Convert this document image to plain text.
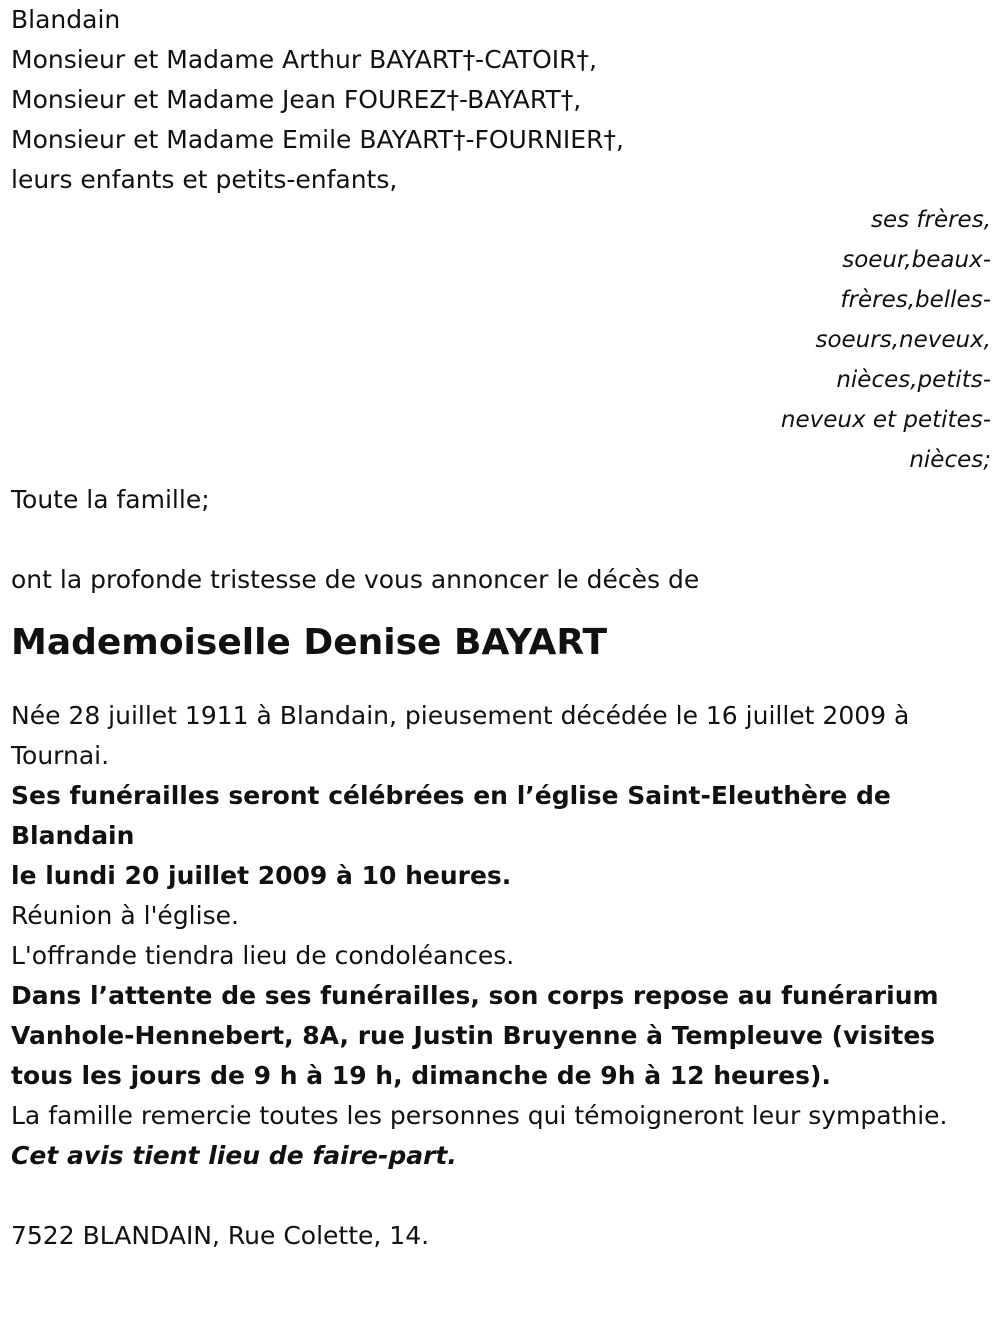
Blandain

Monsieur et Madame Arthur BAYART†-CATOIR†,

Monsieur et Madame Jean FOUREZ†-BAYART†,

Monsieur et Madame Emile BAYART†-FOURNIER†,

leurs enfants et petits-enfants,

ses frères,
soeur,beaux-
frères,belles-
soeurs,neveux,
nièces,petits-
neveux et petites-
nièces;

Toute la famille;

ont la profonde tristesse de vous annoncer le décès de

Mademoiselle Denise BAYART

Née 28 juillet 1911 à Blandain, pieusement décédée le 16 juillet 2009 à Tournai.

Ses funérailles seront célébrées en l’église Saint-Eleuthère de Blandain

le lundi 20 juillet 2009 à 10 heures.

Réunion à l'église.

L'offrande tiendra lieu de condoléances.

Dans l’attente de ses funérailles, son corps repose au funérarium Vanhole-Hennebert, 8A, rue Justin Bruyenne à Templeuve (visites tous les jours de 9 h à 19 h, dimanche de 9h à 12 heures).

La famille remercie toutes les personnes qui témoigneront leur sympathie.

Cet avis tient lieu de faire-part.

7522 BLANDAIN, Rue Colette, 14.
